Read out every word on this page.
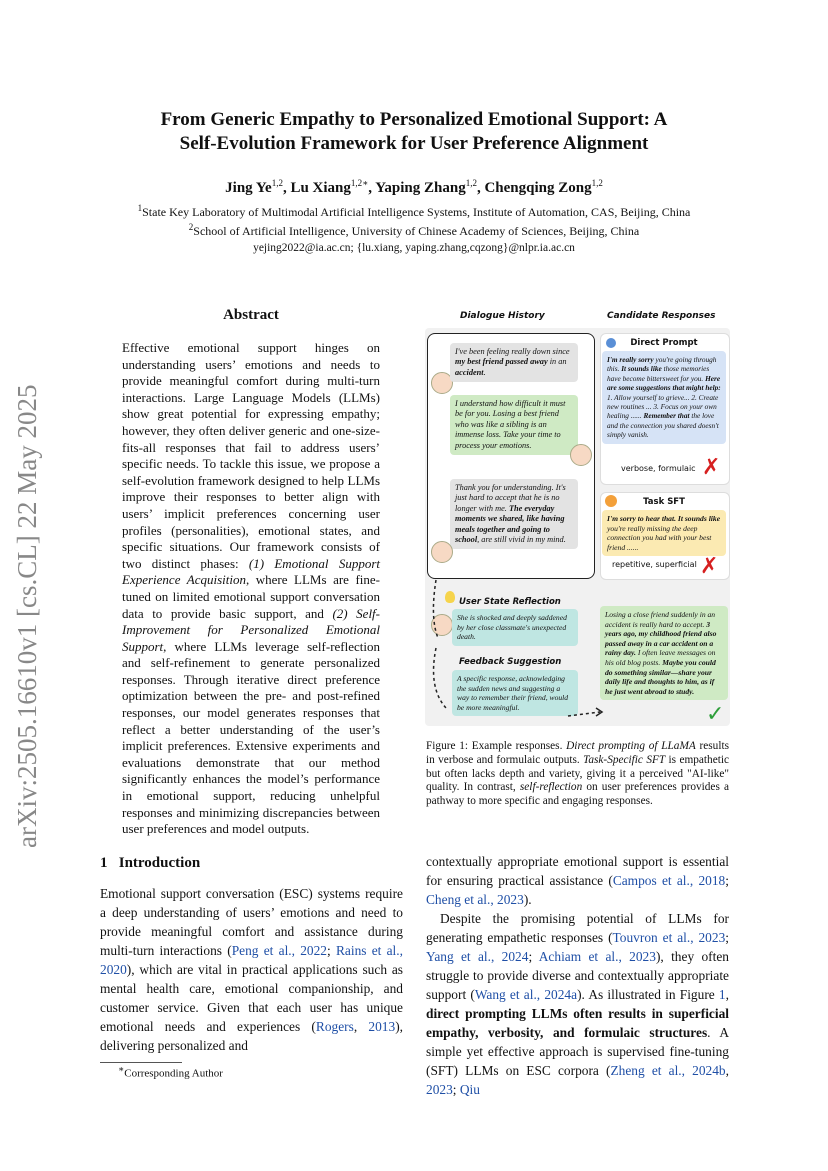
From Generic Empathy to Personalized Emotional Support: A
Self-Evolution Framework for User Preference Alignment
Jing Ye$^{1,2}$, Lu Xiang$^{1,2∗}$, Yaping Zhang$^{1,2}$, Chengqing Zong$^{1,2}$
$^1$State Key Laboratory of Multimodal Artificial Intelligence Systems, Institute of Automation, CAS, Beijing, China
$^2$School of Artificial Intelligence, University of Chinese Academy of Sciences, Beijing, China
yejing2022@ia.ac.cn; {lu.xiang, yaping.zhang,cqzong}@nlpr.ia.ac.cn
arXiv:2505.16610v1 [cs.CL] 22 May 2025
Abstract
Effective emotional support hinges on understanding users’ emotions and needs to provide meaningful comfort during multi-turn interactions. Large Language Models (LLMs) show great potential for expressing empathy; however, they often deliver generic and one-size-fits-all responses that fail to address users’ specific needs. To tackle this issue, we propose a self-evolution framework designed to help LLMs improve their responses to better align with users’ implicit preferences concerning user profiles (personalities), emotional states, and specific situations. Our framework consists of two distinct phases: (1) Emotional Support Experience Acquisition, where LLMs are fine-tuned on limited emotional support conversation data to provide basic support, and (2) Self-Improvement for Personalized Emotional Support, where LLMs leverage self-reflection and self-refinement to generate personalized responses. Through iterative direct preference optimization between the pre- and post-refined responses, our model generates responses that reflect a better understanding of the user’s implicit preferences. Extensive experiments and evaluations demonstrate that our method significantly enhances the model’s performance in emotional support, reducing unhelpful responses and minimizing discrepancies between user preferences and model outputs.
1 Introduction
Emotional support conversation (ESC) systems require a deep understanding of users’ emotions and need to provide meaningful comfort and assistance during multi-turn interactions (Peng et al., 2022; Rains et al., 2020), which are vital in practical applications such as mental health care, emotional companionship, and customer service. Given that each user has unique emotional needs and experiences (Rogers, 2013), delivering personalized and
∗Corresponding Author
contextually appropriate emotional support is essential for ensuring practical assistance (Campos et al., 2018; Cheng et al., 2023).
Despite the promising potential of LLMs for generating empathetic responses (Touvron et al., 2023; Yang et al., 2024; Achiam et al., 2023), they often struggle to provide diverse and contextually appropriate support (Wang et al., 2024a). As illustrated in Figure 1, direct prompting LLMs often results in superficial empathy, verbosity, and formulaic structures. A simple yet effective approach is supervised fine-tuning (SFT) LLMs on ESC corpora (Zheng et al., 2024b, 2023; Qiu
Dialogue History	Candidate Responses
I've been feeling really down since my best friend passed away in an accident.
I understand how difficult it must be for you. Losing a best friend who was like a sibling is an immense loss. Take your time to process your emotions.
Thank you for understanding. It's just hard to accept that he is no longer with me. The everyday moments we shared, like having meals together and going to school, are still vivid in my mind.
Direct Prompt
I'm really sorry you're going through this. It sounds like those memories have become bittersweet for you. Here are some suggestions that might help: 1. Allow yourself to grieve... 2. Create new routines ... 3. Focus on your own healing ...... Remember that the love and the connection you shared doesn't simply vanish.
verbose, formulaic ✗
Task SFT
I'm sorry to hear that. It sounds like you're really missing the deep connection you had with your best friend ......
repetitive, superficial ✗
User State Reflection
She is shocked and deeply saddened by her close classmate's unexpected death.
Feedback Suggestion
A specific response, acknowledging the sudden news and suggesting a way to remember their friend, would be more meaningful.
Losing a close friend suddenly in an accident is really hard to accept. 3 years ago, my childhood friend also passed away in a car accident on a rainy day. I often leave messages on his old blog posts. Maybe you could do something similar—share your daily life and thoughts to him, as if he just went abroad to study.
✓
Figure 1: Example responses. Direct prompting of LLaMA results in verbose and formulaic outputs. Task-Specific SFT is empathetic but often lacks depth and variety, giving it a perceived "AI-like" quality. In contrast, self-reflection on user preferences provides a pathway to more specific and engaging responses.
